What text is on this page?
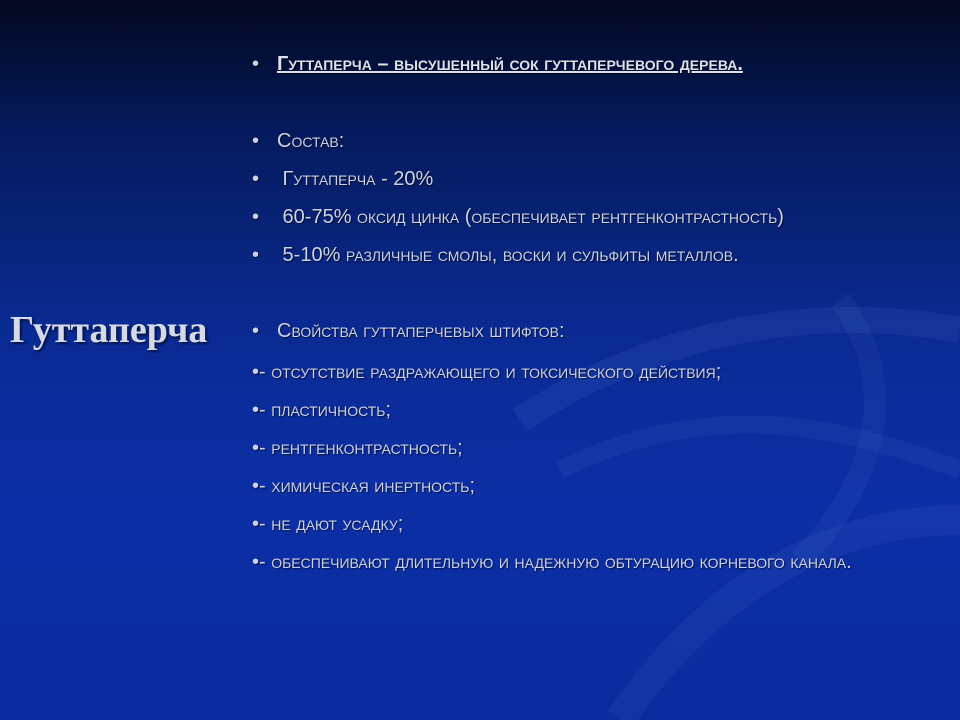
Гуттаперча
• Гуттаперча – высушенный сок гуттаперчевого дерева.
• Состав:
• Гуттаперча - 20%
• 60-75% оксид цинка (обеспечивает рентгенконтрастность)
• 5-10% различные смолы, воски и сульфиты металлов.
• Свойства гуттаперчевых штифтов:
•- отсутствие раздражающего и токсического действия;
•- пластичность;
•- рентгенконтрастность;
•- химическая инертность;
•- не дают усадку;
•- обеспечивают длительную и надежную обтурацию корневого канала.
